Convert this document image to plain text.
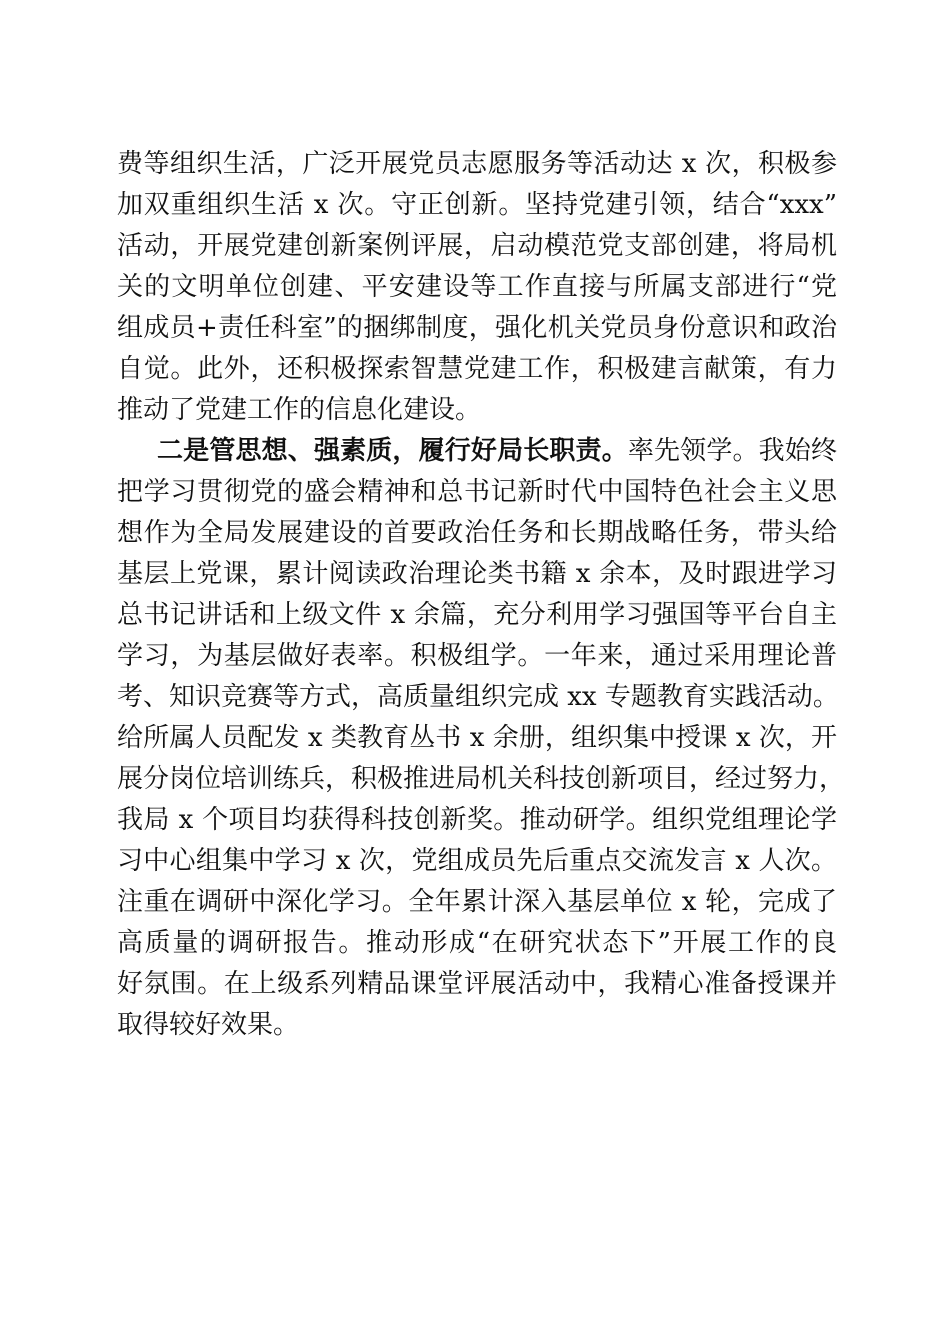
费等组织生活，广泛开展党员志愿服务等活动达 x 次，积极参
加双重组织生活 x 次。守正创新。坚持党建引领，结合“xxx”
活动，开展党建创新案例评展，启动模范党支部创建，将局机
关的文明单位创建、平安建设等工作直接与所属支部进行“党
组成员+责任科室”的捆绑制度，强化机关党员身份意识和政治
自觉。此外，还积极探索智慧党建工作，积极建言献策，有力
推动了党建工作的信息化建设。
二是管思想、强素质，履行好局长职责。率先领学。我始终
把学习贯彻党的盛会精神和总书记新时代中国特色社会主义思
想作为全局发展建设的首要政治任务和长期战略任务，带头给
基层上党课，累计阅读政治理论类书籍 x 余本，及时跟进学习
总书记讲话和上级文件 x 余篇，充分利用学习强国等平台自主
学习，为基层做好表率。积极组学。一年来，通过采用理论普
考、知识竞赛等方式，高质量组织完成 xx 专题教育实践活动。
给所属人员配发 x 类教育丛书 x 余册，组织集中授课 x 次，开
展分岗位培训练兵，积极推进局机关科技创新项目，经过努力，
我局 x 个项目均获得科技创新奖。推动研学。组织党组理论学
习中心组集中学习 x 次，党组成员先后重点交流发言 x 人次。
注重在调研中深化学习。全年累计深入基层单位 x 轮，完成了
高质量的调研报告。推动形成“在研究状态下”开展工作的良
好氛围。在上级系列精品课堂评展活动中，我精心准备授课并
取得较好效果。
